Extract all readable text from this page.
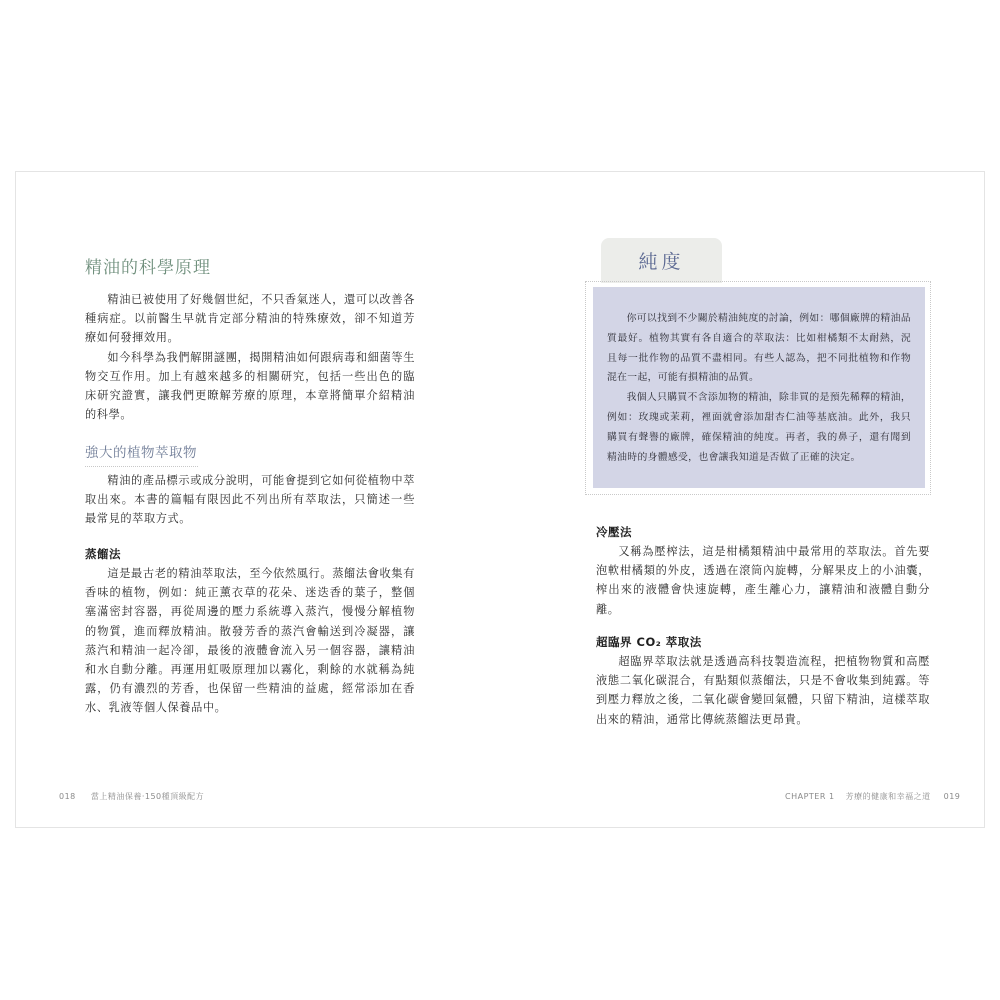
精油的科學原理

精油已被使用了好幾個世紀，不只香氣迷人，還可以改善各種病症。以前醫生早就肯定部分精油的特殊療效，卻不知道芳療如何發揮效用。

如今科學為我們解開謎團，揭開精油如何跟病毒和細菌等生物交互作用。加上有越來越多的相關研究，包括一些出色的臨床研究證實，讓我們更瞭解芳療的原理，本章將簡單介紹精油的科學。

強大的植物萃取物

精油的產品標示或成分說明，可能會提到它如何從植物中萃取出來。本書的篇幅有限因此不列出所有萃取法，只簡述一些最常見的萃取方式。

蒸餾法

這是最古老的精油萃取法，至今依然風行。蒸餾法會收集有香味的植物，例如：純正薰衣草的花朵、迷迭香的葉子，整個塞滿密封容器，再從周邊的壓力系統導入蒸汽，慢慢分解植物的物質，進而釋放精油。散發芳香的蒸汽會輸送到冷凝器，讓蒸汽和精油一起冷卻，最後的液體會流入另一個容器，讓精油和水自動分離。再運用虹吸原理加以霧化，剩餘的水就稱為純露，仍有濃烈的芳香，也保留一些精油的益處，經常添加在香水、乳液等個人保養品中。

018 當上精油保養‧150種頂級配方
純度

你可以找到不少關於精油純度的討論，例如：哪個廠牌的精油品質最好。植物其實有各自適合的萃取法：比如柑橘類不太耐熱，況且每一批作物的品質不盡相同。有些人認為，把不同批植物和作物混在一起，可能有損精油的品質。

我個人只購買不含添加物的精油，除非買的是預先稀釋的精油，例如：玫瑰或茉莉，裡面就會添加甜杏仁油等基底油。此外，我只購買有聲譽的廠牌，確保精油的純度。再者，我的鼻子，還有聞到精油時的身體感受，也會讓我知道是否做了正確的決定。

冷壓法

又稱為壓榨法，這是柑橘類精油中最常用的萃取法。首先要泡軟柑橘類的外皮，透過在滾筒內旋轉，分解果皮上的小油囊，榨出來的液體會快速旋轉，產生離心力，讓精油和液體自動分離。

超臨界 CO₂ 萃取法

超臨界萃取法就是透過高科技製造流程，把植物物質和高壓液態二氧化碳混合，有點類似蒸餾法，只是不會收集到純露。等到壓力釋放之後，二氧化碳會變回氣體，只留下精油，這樣萃取出來的精油，通常比傳統蒸餾法更昂貴。

CHAPTER 1 芳療的健康和幸福之道 019
